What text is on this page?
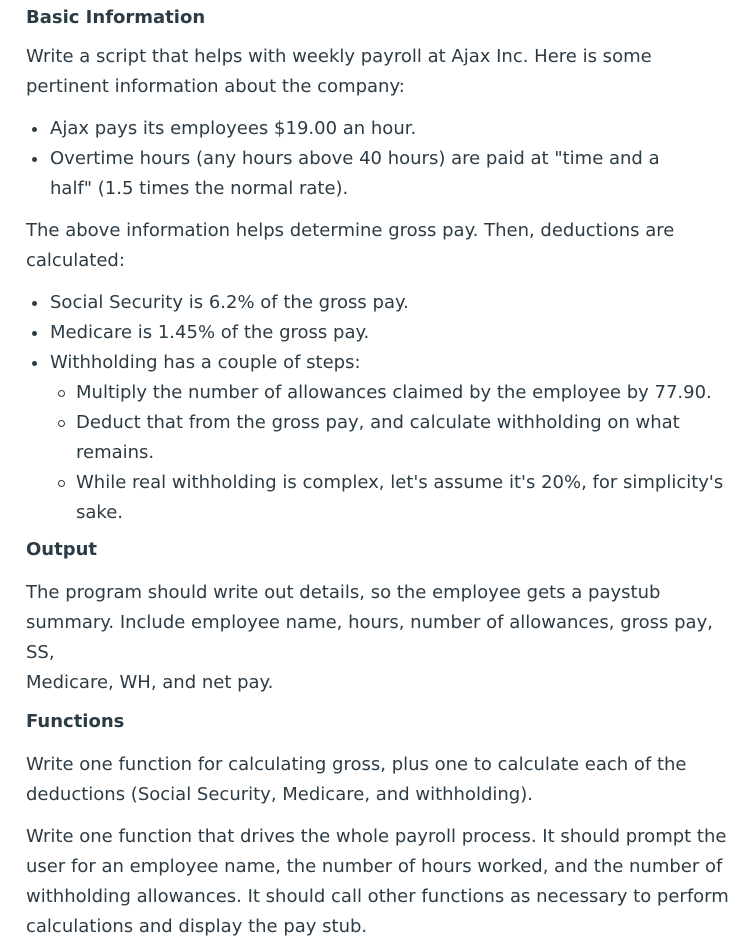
Basic Information

Write a script that helps with weekly payroll at Ajax Inc. Here is some
pertinent information about the company:

Ajax pays its employees $19.00 an hour.
Overtime hours (any hours above 40 hours) are paid at "time and a half" (1.5 times the normal rate).

The above information helps determine gross pay. Then, deductions are
calculated:

Social Security is 6.2% of the gross pay.
Medicare is 1.45% of the gross pay.
Withholding has a couple of steps:
Multiply the number of allowances claimed by the employee by 77.90.
Deduct that from the gross pay, and calculate withholding on what remains.
While real withholding is complex, let's assume it's 20%, for simplicity's sake.
Output

The program should write out details, so the employee gets a paystub
summary. Include employee name, hours, number of allowances, gross pay, SS,
Medicare, WH, and net pay.

Functions

Write one function for calculating gross, plus one to calculate each of the
deductions (Social Security, Medicare, and withholding).

Write one function that drives the whole payroll process. It should prompt the
user for an employee name, the number of hours worked, and the number of
withholding allowances. It should call other functions as necessary to perform
calculations and display the pay stub.
